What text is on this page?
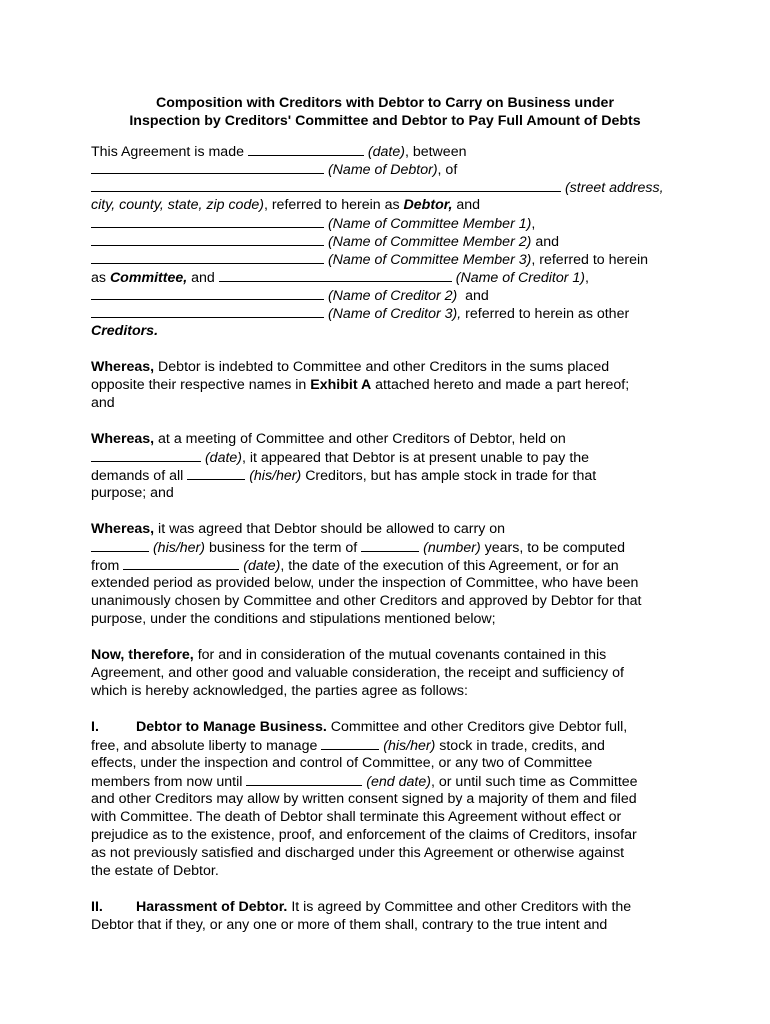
Composition with Creditors with Debtor to Carry on Business under
Inspection by Creditors' Committee and Debtor to Pay Full Amount of Debts
This Agreement is made	(date), between
(Name of Debtor), of
(street address,
city, county, state, zip code), referred to herein as Debtor, and
(Name of Committee Member 1),
(Name of Committee Member 2) and
(Name of Committee Member 3), referred to herein
as Committee, and	(Name of Creditor 1),
(Name of Creditor 2) and
(Name of Creditor 3), referred to herein as other
Creditors.
Whereas, Debtor is indebted to Committee and other Creditors in the sums placed
opposite their respective names in Exhibit A attached hereto and made a part hereof;
and
Whereas, at a meeting of Committee and other Creditors of Debtor, held on
(date), it appeared that Debtor is at present unable to pay the
demands of all	(his/her) Creditors, but has ample stock in trade for that
purpose; and
Whereas, it was agreed that Debtor should be allowed to carry on
(his/her) business for the term of	(number) years, to be computed
from	(date), the date of the execution of this Agreement, or for an
extended period as provided below, under the inspection of Committee, who have been
unanimously chosen by Committee and other Creditors and approved by Debtor for that
purpose, under the conditions and stipulations mentioned below;
Now, therefore, for and in consideration of the mutual covenants contained in this
Agreement, and other good and valuable consideration, the receipt and sufficiency of
which is hereby acknowledged, the parties agree as follows:
I.	Debtor to Manage Business. Committee and other Creditors give Debtor full,
free, and absolute liberty to manage	(his/her) stock in trade, credits, and
effects, under the inspection and control of Committee, or any two of Committee
members from now until	(end date), or until such time as Committee
and other Creditors may allow by written consent signed by a majority of them and filed
with Committee. The death of Debtor shall terminate this Agreement without effect or
prejudice as to the existence, proof, and enforcement of the claims of Creditors, insofar
as not previously satisfied and discharged under this Agreement or otherwise against
the estate of Debtor.
II. Harassment of Debtor. It is agreed by Committee and other Creditors with the
Debtor that if they, or any one or more of them shall, contrary to the true intent and
